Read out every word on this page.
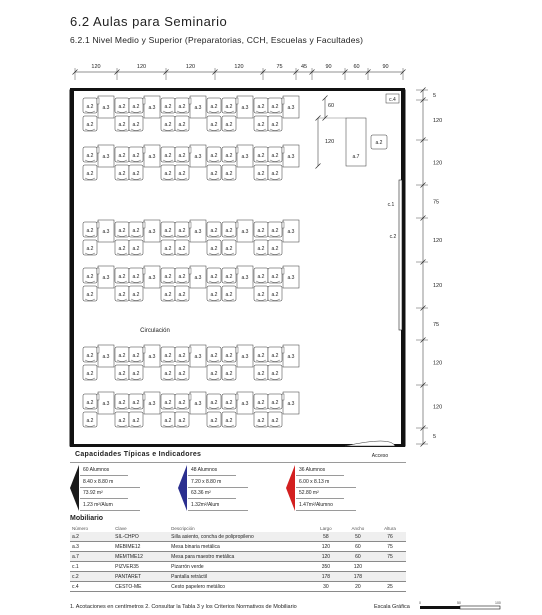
6.2 Aulas para Seminario
6.2.1 Nivel Medio y Superior (Preparatorias, CCH, Escuelas y Facultades)
120	120	120	120	75	45	90	60	90
5
120
120
75
120
120
75
120
120
5
a.2
a.2
a.3 a.2
a.2
a.2
a.2
a.3 a.2
a.2
a.2
a.2
a.3 a.2
a.2
a.2
a.2
a.3 a.2
a.2
a.2
a.2
a.3 a.2
a.2
a.2
a.2
a.3 a.2
a.2
a.2
a.2
a.3 a.2
a.2
a.2
a.2
a.3 a.2
a.2
a.2
a.2
a.3
a.2
a.2
a.3
a.2
a.2
a.3 a.2
a.2
a.2
a.2
a.3 a.2
a.2
a.2
a.2
a.3 a.2
a.2
a.2
a.2
a.3 a.2
a.2
a.2
a.2
a.3 a.2
a.2
a.2
a.2
a.3 a.2
a.2
a.2
a.2
a.3 a.2
a.2
a.2
a.2
a.3 a.2
a.2
a.2
a.2
a.3
a.2
a.2
a.3
a.2
a.2
a.3 a.2
a.2
a.2
a.2
a.3 a.2
a.2
a.2
a.2
a.3 a.2
a.2
a.2
a.2
a.3 a.2
a.2
a.2
a.2
a.3 a.2
a.2
a.2
a.2
a.3 a.2
a.2
a.2
a.2
a.3 a.2
a.2
a.2
a.2
a.3 a.2
a.2
a.2
a.2
a.3
a.2
a.2
a.3
a.7
a.2
60
120
c.1
c.2
c.4
Circulación
Acceso
Capacidades Típicas e Indicadores
60 Alumnos
8.40 x 8.80 m
73.92 m²
1.23 m²/Alum
48 Alumnos
7.20 x 8.80 m
63.36 m²
1.32m²/Alum
36 Alumnos
6.00 x 8.13 m
52.80 m²
1.47m²/Alumno
Mobiliario
Número	Clave	Descripción	Largo	Ancho	Altura
a.2	SIL-CHPO	Silla asiento, concha de polipropileno	58	50	76
a.3	MEBIME12	Mesa binaria metálica	120	60	75
a.7	MEMTME12	Mesa para maestro metálica	120	60	75
c.1	PIZVER35	Pizarrón verde	350	120	
c.2	PANTARET	Pantalla retráctil	178	178	
c.4	CESTO-ME	Cesto papelero metálico	30	20	25
1. Acotaciones en centímetros 2. Consultar la Tabla 3 y los Criterios Normativos de Mobiliario	Escala Gráfica
0	50	100
